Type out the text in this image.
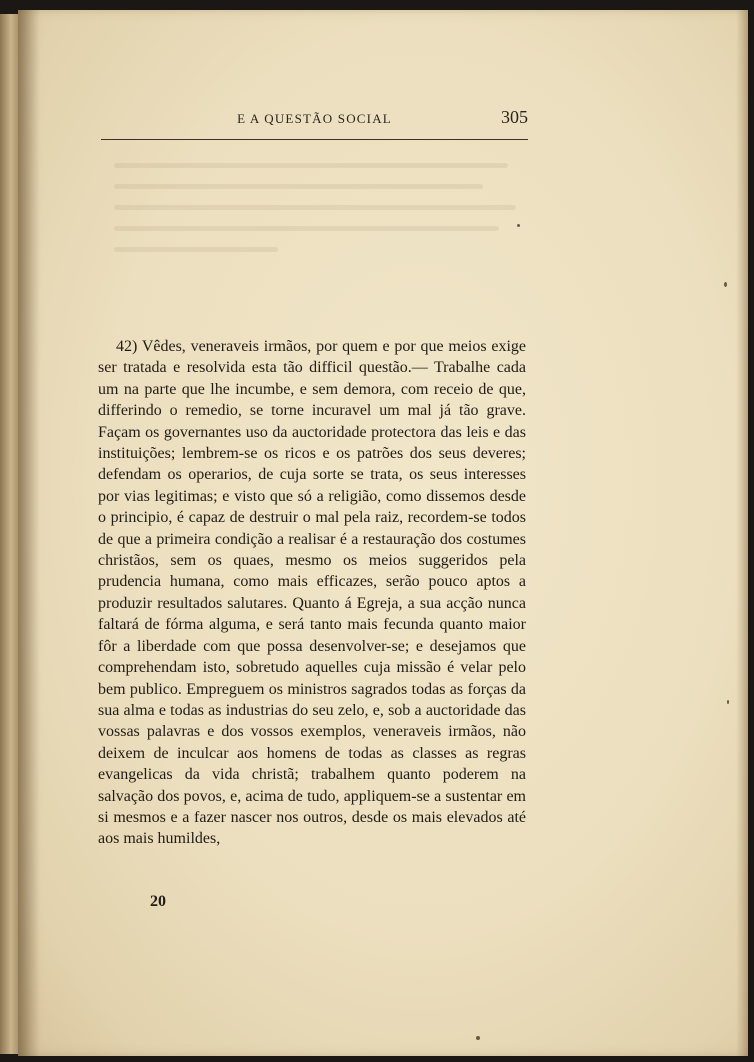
E A QUESTÃO SOCIAL	305

42) Vêdes, veneraveis irmãos, por quem e por que meios exige ser tratada e resolvida esta tão difficil questão.— Trabalhe cada um na parte que lhe incumbe, e sem demora, com receio de que, differindo o remedio, se torne incuravel um mal já tão grave. Façam os governantes uso da auctoridade protectora das leis e das instituições; lembrem-se os ricos e os patrões dos seus deveres; defendam os operarios, de cuja sorte se trata, os seus interesses por vias legitimas; e visto que só a religião, como dissemos desde o principio, é capaz de destruir o mal pela raiz, recordem-se todos de que a primeira condição a realisar é a restauração dos costumes christãos, sem os quaes, mesmo os meios suggeridos pela prudencia humana, como mais efficazes, serão pouco aptos a produzir resultados salutares. Quanto á Egreja, a sua acção nunca faltará de fórma alguma, e será tanto mais fecunda quanto maior fôr a liberdade com que possa desenvolver-se; e desejamos que comprehendam isto, sobretudo aquelles cuja missão é velar pelo bem publico. Empreguem os ministros sagrados todas as forças da sua alma e todas as industrias do seu zelo, e, sob a auctoridade das vossas palavras e dos vossos exemplos, veneraveis irmãos, não deixem de inculcar aos homens de todas as classes as regras evangelicas da vida christã; trabalhem quanto poderem na salvação dos povos, e, acima de tudo, appliquem-se a sustentar em si mesmos e a fazer nascer nos outros, desde os mais elevados até aos mais humildes,

20
